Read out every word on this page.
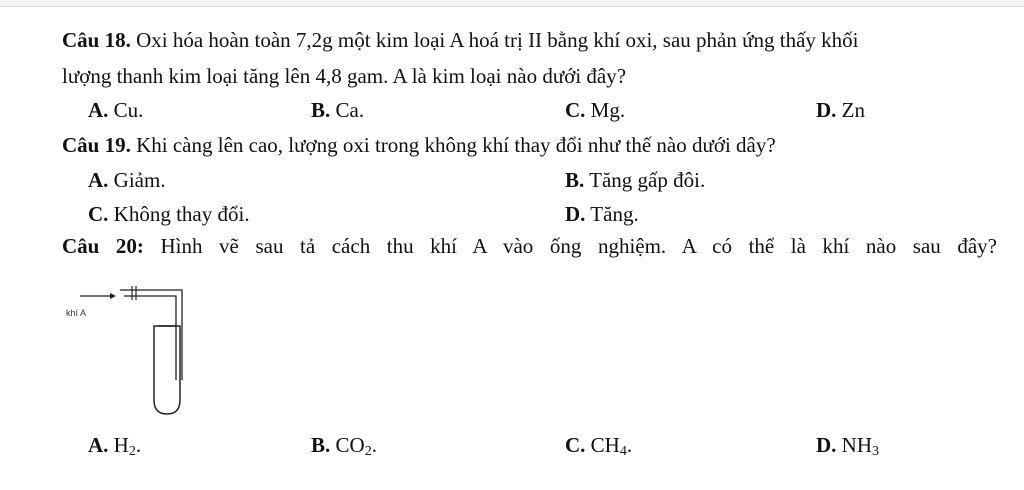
Câu 18. Oxi hóa hoàn toàn 7,2g một kim loại A hoá trị II bằng khí oxi, sau phản ứng thấy khối
lượng thanh kim loại tăng lên 4,8 gam. A là kim loại nào dưới đây?
A. Cu.	B. Ca.	C. Mg.	D. Zn
Câu 19. Khi càng lên cao, lượng oxi trong không khí thay đổi như thế nào dưới dây?
A. Giảm.	B. Tăng gấp đôi.
C. Không thay đổi.	D. Tăng.
Câu 20: Hình vẽ sau tả cách thu khí A vào ống nghiệm. A có thể là khí nào sau đây?
khí A
A. $H_2$.	B. $CO_2$.	C. $CH_4$.	D. $NH_3$
